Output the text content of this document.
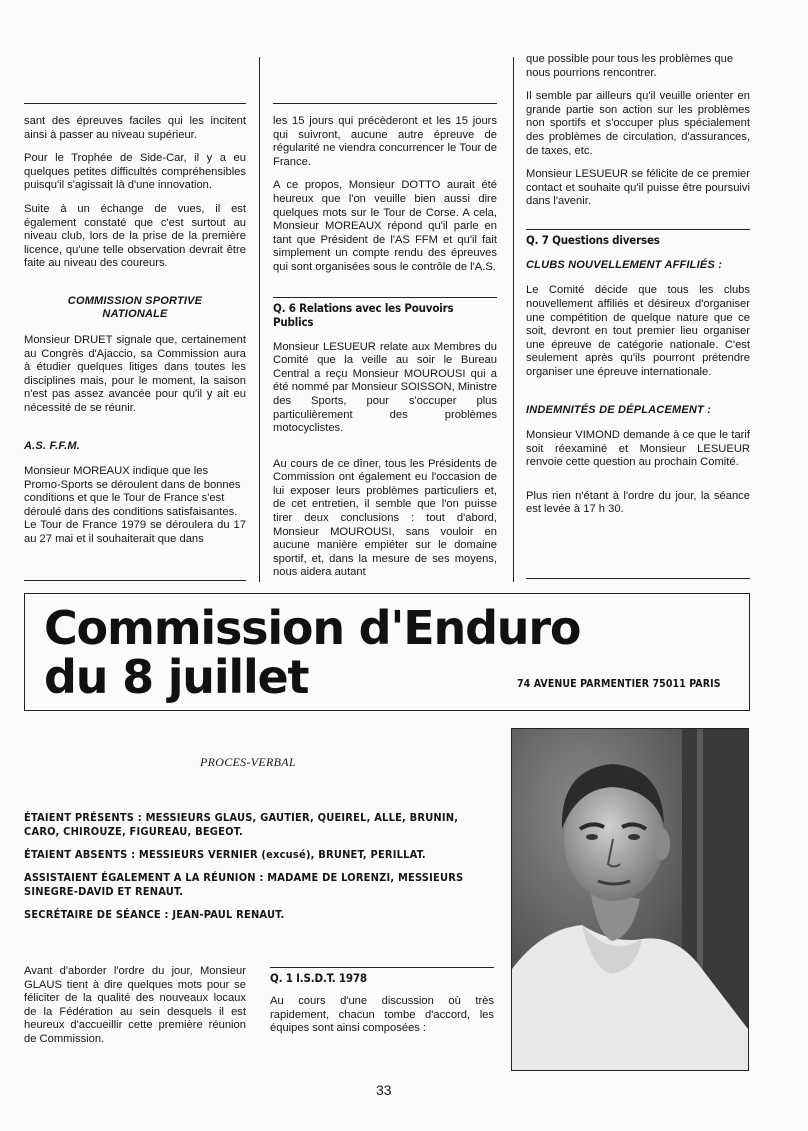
sant des épreuves faciles qui les incitent ainsi à passer au niveau supérieur.

Pour le Trophée de Side-Car, il y a eu quelques petites difficultés compréhensibles puisqu'il s'agissait là d'une innovation.

Suite à un échange de vues, il est également constaté que c'est surtout au niveau club, lors de la prise de la première licence, qu'une telle observation devrait être faite au niveau des coureurs.

COMMISSION SPORTIVE
NATIONALE

Monsieur DRUET signale que, certainement au Congrès d'Ajaccio, sa Commission aura à étudier quelques litiges dans toutes les disciplines mais, pour le moment, la saison n'est pas assez avancée pour qu'il y ait eu nécessité de se réunir.

A.S. F.F.M.

Monsieur MOREAUX indique que les Promo-Sports se déroulent dans de bonnes conditions et que le Tour de France s'est déroulé dans des conditions satisfaisantes.

Le Tour de France 1979 se déroulera du 17 au 27 mai et il souhaiterait que dans

les 15 jours qui précèderont et les 15 jours qui suivront, aucune autre épreuve de régularité ne viendra concurrencer le Tour de France.

A ce propos, Monsieur DOTTO aurait été heureux que l'on veuille bien aussi dire quelques mots sur le Tour de Corse. A cela, Monsieur MOREAUX répond qu'il parle en tant que Président de l'AS FFM et qu'il fait simplement un compte rendu des épreuves qui sont organisées sous le contrôle de l'A.S.

Q. 6 Relations avec les Pouvoirs Publics

Monsieur LESUEUR relate aux Membres du Comité que la veille au soir le Bureau Central a reçu Monsieur MOUROUSI qui a été nommé par Monsieur SOISSON, Ministre des Sports, pour s'occuper plus particulièrement des problèmes motocyclistes.

Au cours de ce dîner, tous les Présidents de Commission ont également eu l'occasion de lui exposer leurs problèmes particuliers et, de cet entretien, il semble que l'on puisse tirer deux conclusions : tout d'abord, Monsieur MOUROUSI, sans vouloir en aucune manière empiéter sur le domaine sportif, et, dans la mesure de ses moyens, nous aidera autant

que possible pour tous les problèmes que nous pourrions rencontrer.

Il semble par ailleurs qu'il veuille orienter en grande partie son action sur les problèmes non sportifs et s'occuper plus spécialement des problèmes de circulation, d'assurances, de taxes, etc.

Monsieur LESUEUR se félicite de ce premier contact et souhaite qu'il puisse être poursuivi dans l'avenir.

Q. 7 Questions diverses
CLUBS NOUVELLEMENT AFFILIÉS :

Le Comité décide que tous les clubs nouvellement affiliés et désireux d'organiser une compétition de quelque nature que ce soit, devront en tout premier lieu organiser une épreuve de catégorie nationale. C'est seulement après qu'ils pourront prétendre organiser une épreuve internationale.

INDEMNITÉS DE DÉPLACEMENT :

Monsieur VIMOND demande à ce que le tarif soit réexaminé et Monsieur LESUEUR renvoie cette question au prochain Comité.

Plus rien n'étant à l'ordre du jour, la séance est levée à 17 h 30.

Commission d'Enduro
du 8 juillet	74 AVENUE PARMENTIER 75011 PARIS
PROCES-VERBAL

ÉTAIENT PRÉSENTS : MESSIEURS GLAUS, GAUTIER, QUEIREL, ALLE, BRUNIN, CARO, CHIROUZE, FIGUREAU, BEGEOT.

ÉTAIENT ABSENTS : MESSIEURS VERNIER (excusé), BRUNET, PERILLAT.

ASSISTAIENT ÉGALEMENT A LA RÉUNION : MADAME DE LORENZI, MESSIEURS SINEGRE-DAVID ET RENAUT.

SECRÉTAIRE DE SÉANCE : JEAN-PAUL RENAUT.

Avant d'aborder l'ordre du jour, Monsieur GLAUS tient à dire quelques mots pour se féliciter de la qualité des nouveaux locaux de la Fédération au sein desquels il est heureux d'accueillir cette première réunion de Commission.

Q. 1 I.S.D.T. 1978

Au cours d'une discussion où très rapidement, chacun tombe d'accord, les équipes sont ainsi composées :

33
